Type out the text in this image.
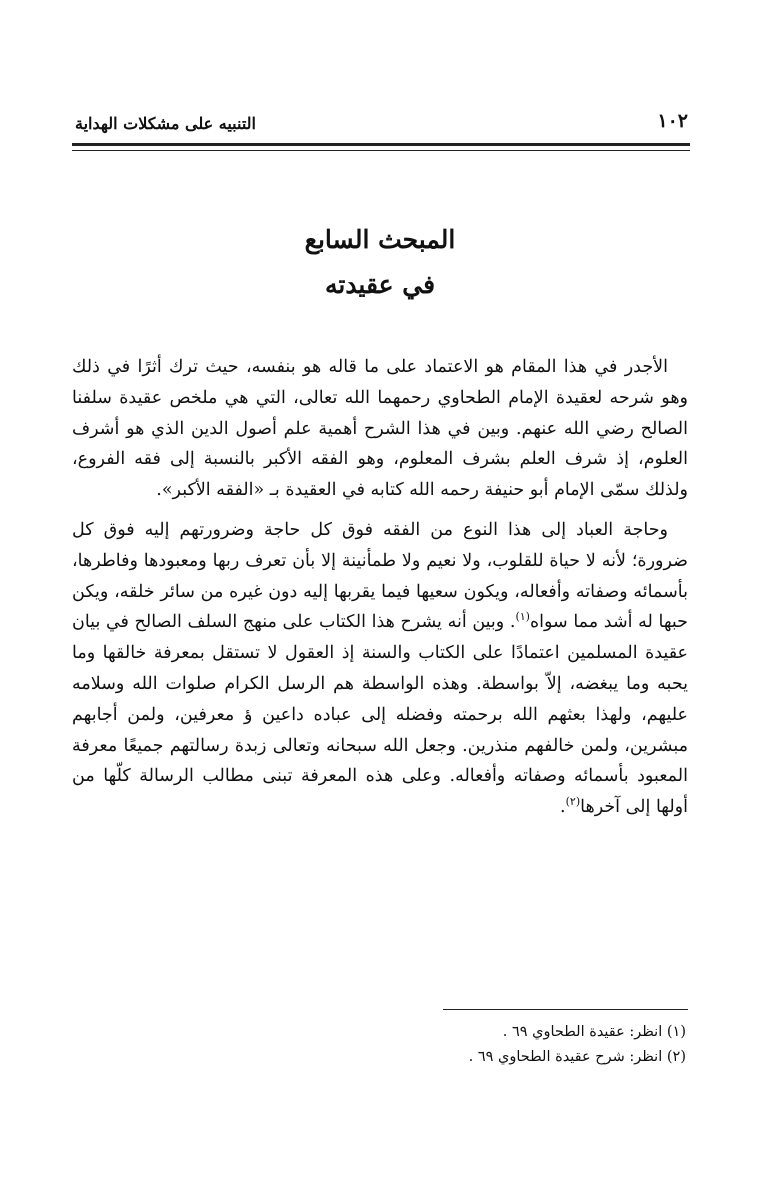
١٠٢
التنبيه على مشكلات الهداية
المبحث السابع
في عقيدته

الأجدر في هذا المقام هو الاعتماد على ما قاله هو بنفسه، حيث ترك أثرًا في ذلك وهو شرحه لعقيدة الإمام الطحاوي رحمهما الله تعالى، التي هي ملخص عقيدة سلفنا الصالح رضي الله عنهم. وبين في هذا الشرح أهمية علم أصول الدين الذي هو أشرف العلوم، إذ شرف العلم بشرف المعلوم، وهو الفقه الأكبر بالنسبة إلى فقه الفروع، ولذلك سمّى الإمام أبو حنيفة رحمه الله كتابه في العقيدة بـ «الفقه الأكبر».

وحاجة العباد إلى هذا النوع من الفقه فوق كل حاجة وضرورتهم إليه فوق كل ضرورة؛ لأنه لا حياة للقلوب، ولا نعيم ولا طمأنينة إلا بأن تعرف ربها ومعبودها وفاطرها، بأسمائه وصفاته وأفعاله، ويكون سعيها فيما يقربها إليه دون غيره من سائر خلقه، ويكن حبها له أشد مما سواه$^{(١)}$. وبين أنه يشرح هذا الكتاب على منهج السلف الصالح في بيان عقيدة المسلمين اعتمادًا على الكتاب والسنة إذ العقول لا تستقل بمعرفة خالقها وما يحبه وما يبغضه، إلاّ بواسطة. وهذه الواسطة هم الرسل الكرام صلوات الله وسلامه عليهم، ولهذا بعثهم الله برحمته وفضله إلى عباده داعين ؤ معرفين، ولمن أجابهم مبشرين، ولمن خالفهم منذرين. وجعل الله سبحانه وتعالى زبدة رسالتهم جميعًا معرفة المعبود بأسمائه وصفاته وأفعاله. وعلى هذه المعرفة تبنى مطالب الرسالة كلّها من أولها إلى آخرها$^{(٢)}$.

(١) انظر: عقيدة الطحاوي ٦٩ .

(٢) انظر: شرح عقيدة الطحاوي ٦٩ .
